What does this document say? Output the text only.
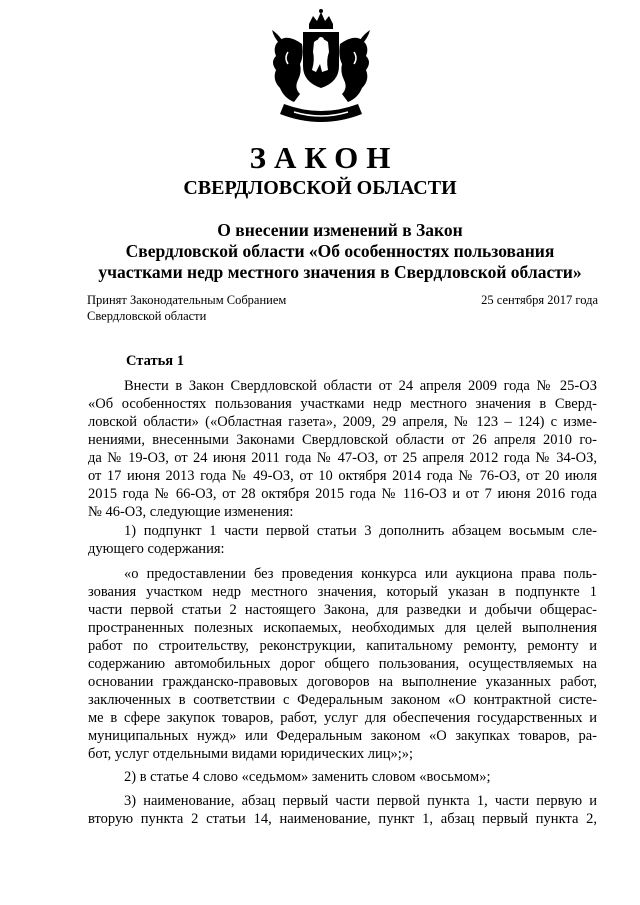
ЗАКОН
СВЕРДЛОВСКОЙ ОБЛАСТИ
О внесении изменений в Закон
Свердловской области «Об особенностях пользования
участками недр местного значения в Свердловской области»
Принят Законодательным Собранием
Свердловской области
25 сентября 2017 года
Статья 1
Внести в Закон Свердловской области от 24 апреля 2009 года № 25-ОЗ
«Об особенностях пользования участками недр местного значения в Сверд-
ловской области» («Областная газета», 2009, 29 апреля, № 123 – 124) с изме-
нениями, внесенными Законами Свердловской области от 26 апреля 2010 го-
да № 19-ОЗ, от 24 июня 2011 года № 47-ОЗ, от 25 апреля 2012 года № 34-ОЗ,
от 17 июня 2013 года № 49-ОЗ, от 10 октября 2014 года № 76-ОЗ, от 20 июля
2015 года № 66-ОЗ, от 28 октября 2015 года № 116-ОЗ и от 7 июня 2016 года
№ 46-ОЗ, следующие изменения:
1) подпункт 1 части первой статьи 3 дополнить абзацем восьмым сле-
дующего содержания:
«о предоставлении без проведения конкурса или аукциона права поль-
зования участком недр местного значения, который указан в подпункте 1
части первой статьи 2 настоящего Закона, для разведки и добычи общерас-
пространенных полезных ископаемых, необходимых для целей выполнения
работ по строительству, реконструкции, капитальному ремонту, ремонту и
содержанию автомобильных дорог общего пользования, осуществляемых на
основании гражданско-правовых договоров на выполнение указанных работ,
заключенных в соответствии с Федеральным законом «О контрактной систе-
ме в сфере закупок товаров, работ, услуг для обеспечения государственных и
муниципальных нужд» или Федеральным законом «О закупках товаров, ра-
бот, услуг отдельными видами юридических лиц»;»;
2) в статье 4 слово «седьмом» заменить словом «восьмом»;
3) наименование, абзац первый части первой пункта 1, части первую и
вторую пункта 2 статьи 14, наименование, пункт 1, абзац первый пункта 2,
